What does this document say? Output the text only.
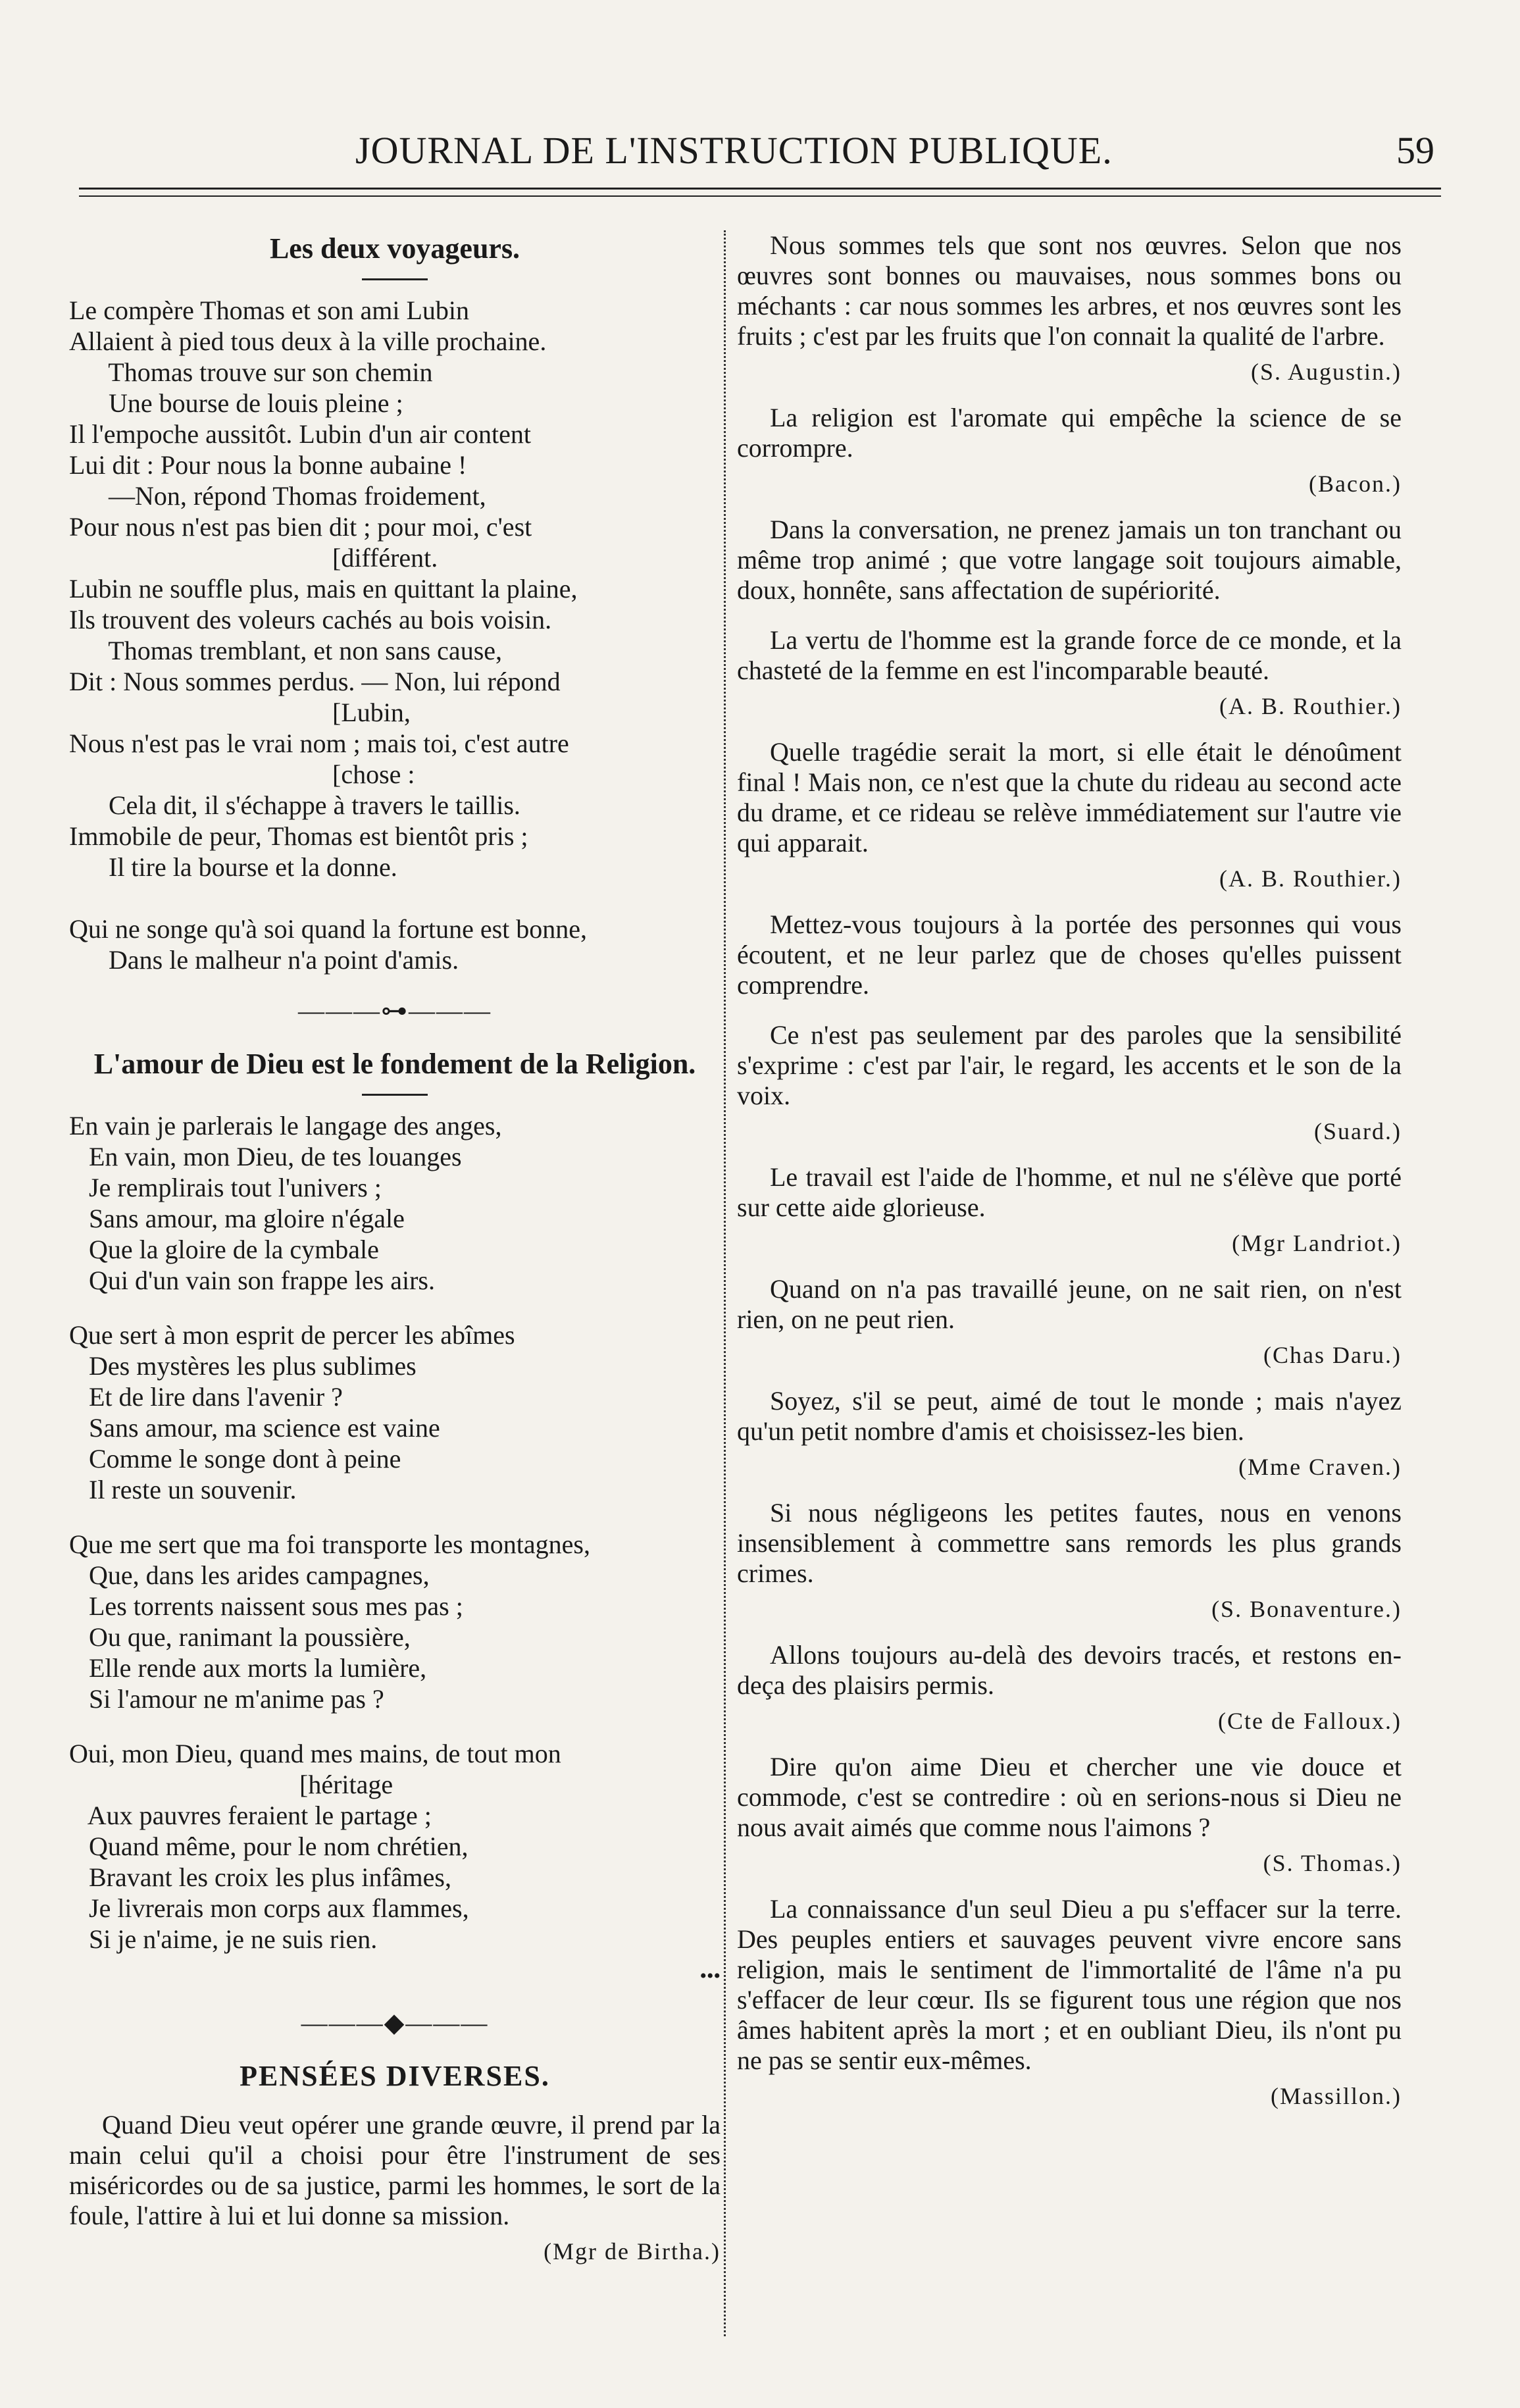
JOURNAL DE L'INSTRUCTION PUBLIQUE.	59
Les deux voyageurs.

Le compère Thomas et son ami Lubin

Allaient à pied tous deux à la ville prochaine.

Thomas trouve sur son chemin

Une bourse de louis pleine ;

Il l'empoche aussitôt. Lubin d'un air content

Lui dit : Pour nous la bonne aubaine !

—Non, répond Thomas froidement,

Pour nous n'est pas bien dit ; pour moi, c'est

[différent.

Lubin ne souffle plus, mais en quittant la plaine,

Ils trouvent des voleurs cachés au bois voisin.

Thomas tremblant, et non sans cause,

Dit : Nous sommes perdus. — Non, lui répond

[Lubin,

Nous n'est pas le vrai nom ; mais toi, c'est autre

[chose :

Cela dit, il s'échappe à travers le taillis.

Immobile de peur, Thomas est bientôt pris ;

Il tire la bourse et la donne.

Qui ne songe qu'à soi quand la fortune est bonne,

Dans le malheur n'a point d'amis.

———⊶———
L'amour de Dieu est le fondement de la Religion.

En vain je parlerais le langage des anges,

En vain, mon Dieu, de tes louanges

Je remplirais tout l'univers ;

Sans amour, ma gloire n'égale

Que la gloire de la cymbale

Qui d'un vain son frappe les airs.

Que sert à mon esprit de percer les abîmes

Des mystères les plus sublimes

Et de lire dans l'avenir ?

Sans amour, ma science est vaine

Comme le songe dont à peine

Il reste un souvenir.

Que me sert que ma foi transporte les montagnes,

Que, dans les arides campagnes,

Les torrents naissent sous mes pas ;

Ou que, ranimant la poussière,

Elle rende aux morts la lumière,

Si l'amour ne m'anime pas ?

Oui, mon Dieu, quand mes mains, de tout mon

[héritage

Aux pauvres feraient le partage ;

Quand même, pour le nom chrétien,

Bravant les croix les plus infâmes,

Je livrerais mon corps aux flammes,

Si je n'aime, je ne suis rien.

•••
———◆———
PENSÉES DIVERSES.

Quand Dieu veut opérer une grande œuvre, il prend par la main celui qu'il a choisi pour être l'instrument de ses miséricordes ou de sa justice, parmi les hommes, le sort de la foule, l'attire à lui et lui donne sa mission.

(Mgr de Birtha.)

Nous sommes tels que sont nos œuvres. Selon que nos œuvres sont bonnes ou mauvaises, nous sommes bons ou méchants : car nous sommes les arbres, et nos œuvres sont les fruits ; c'est par les fruits que l'on connait la qualité de l'arbre.

(S. Augustin.)

La religion est l'aromate qui empêche la science de se corrompre.

(Bacon.)

Dans la conversation, ne prenez jamais un ton tranchant ou même trop animé ; que votre langage soit toujours aimable, doux, honnête, sans affectation de supériorité.

La vertu de l'homme est la grande force de ce monde, et la chasteté de la femme en est l'incomparable beauté.

(A. B. Routhier.)

Quelle tragédie serait la mort, si elle était le dénoûment final ! Mais non, ce n'est que la chute du rideau au second acte du drame, et ce rideau se relève immédiatement sur l'autre vie qui apparait.

(A. B. Routhier.)

Mettez-vous toujours à la portée des personnes qui vous écoutent, et ne leur parlez que de choses qu'elles puissent comprendre.

Ce n'est pas seulement par des paroles que la sensibilité s'exprime : c'est par l'air, le regard, les accents et le son de la voix.

(Suard.)

Le travail est l'aide de l'homme, et nul ne s'élève que porté sur cette aide glorieuse.

(Mgr Landriot.)

Quand on n'a pas travaillé jeune, on ne sait rien, on n'est rien, on ne peut rien.

(Chas Daru.)

Soyez, s'il se peut, aimé de tout le monde ; mais n'ayez qu'un petit nombre d'amis et choisissez-les bien.

(Mme Craven.)

Si nous négligeons les petites fautes, nous en venons insensiblement à commettre sans remords les plus grands crimes.

(S. Bonaventure.)

Allons toujours au-delà des devoirs tracés, et restons en-deça des plaisirs permis.

(Cte de Falloux.)

Dire qu'on aime Dieu et chercher une vie douce et commode, c'est se contredire : où en serions-nous si Dieu ne nous avait aimés que comme nous l'aimons ?

(S. Thomas.)

La connaissance d'un seul Dieu a pu s'effacer sur la terre. Des peuples entiers et sauvages peuvent vivre encore sans religion, mais le sentiment de l'immortalité de l'âme n'a pu s'effacer de leur cœur. Ils se figurent tous une région que nos âmes habitent après la mort ; et en oubliant Dieu, ils n'ont pu ne pas se sentir eux-mêmes.

(Massillon.)
